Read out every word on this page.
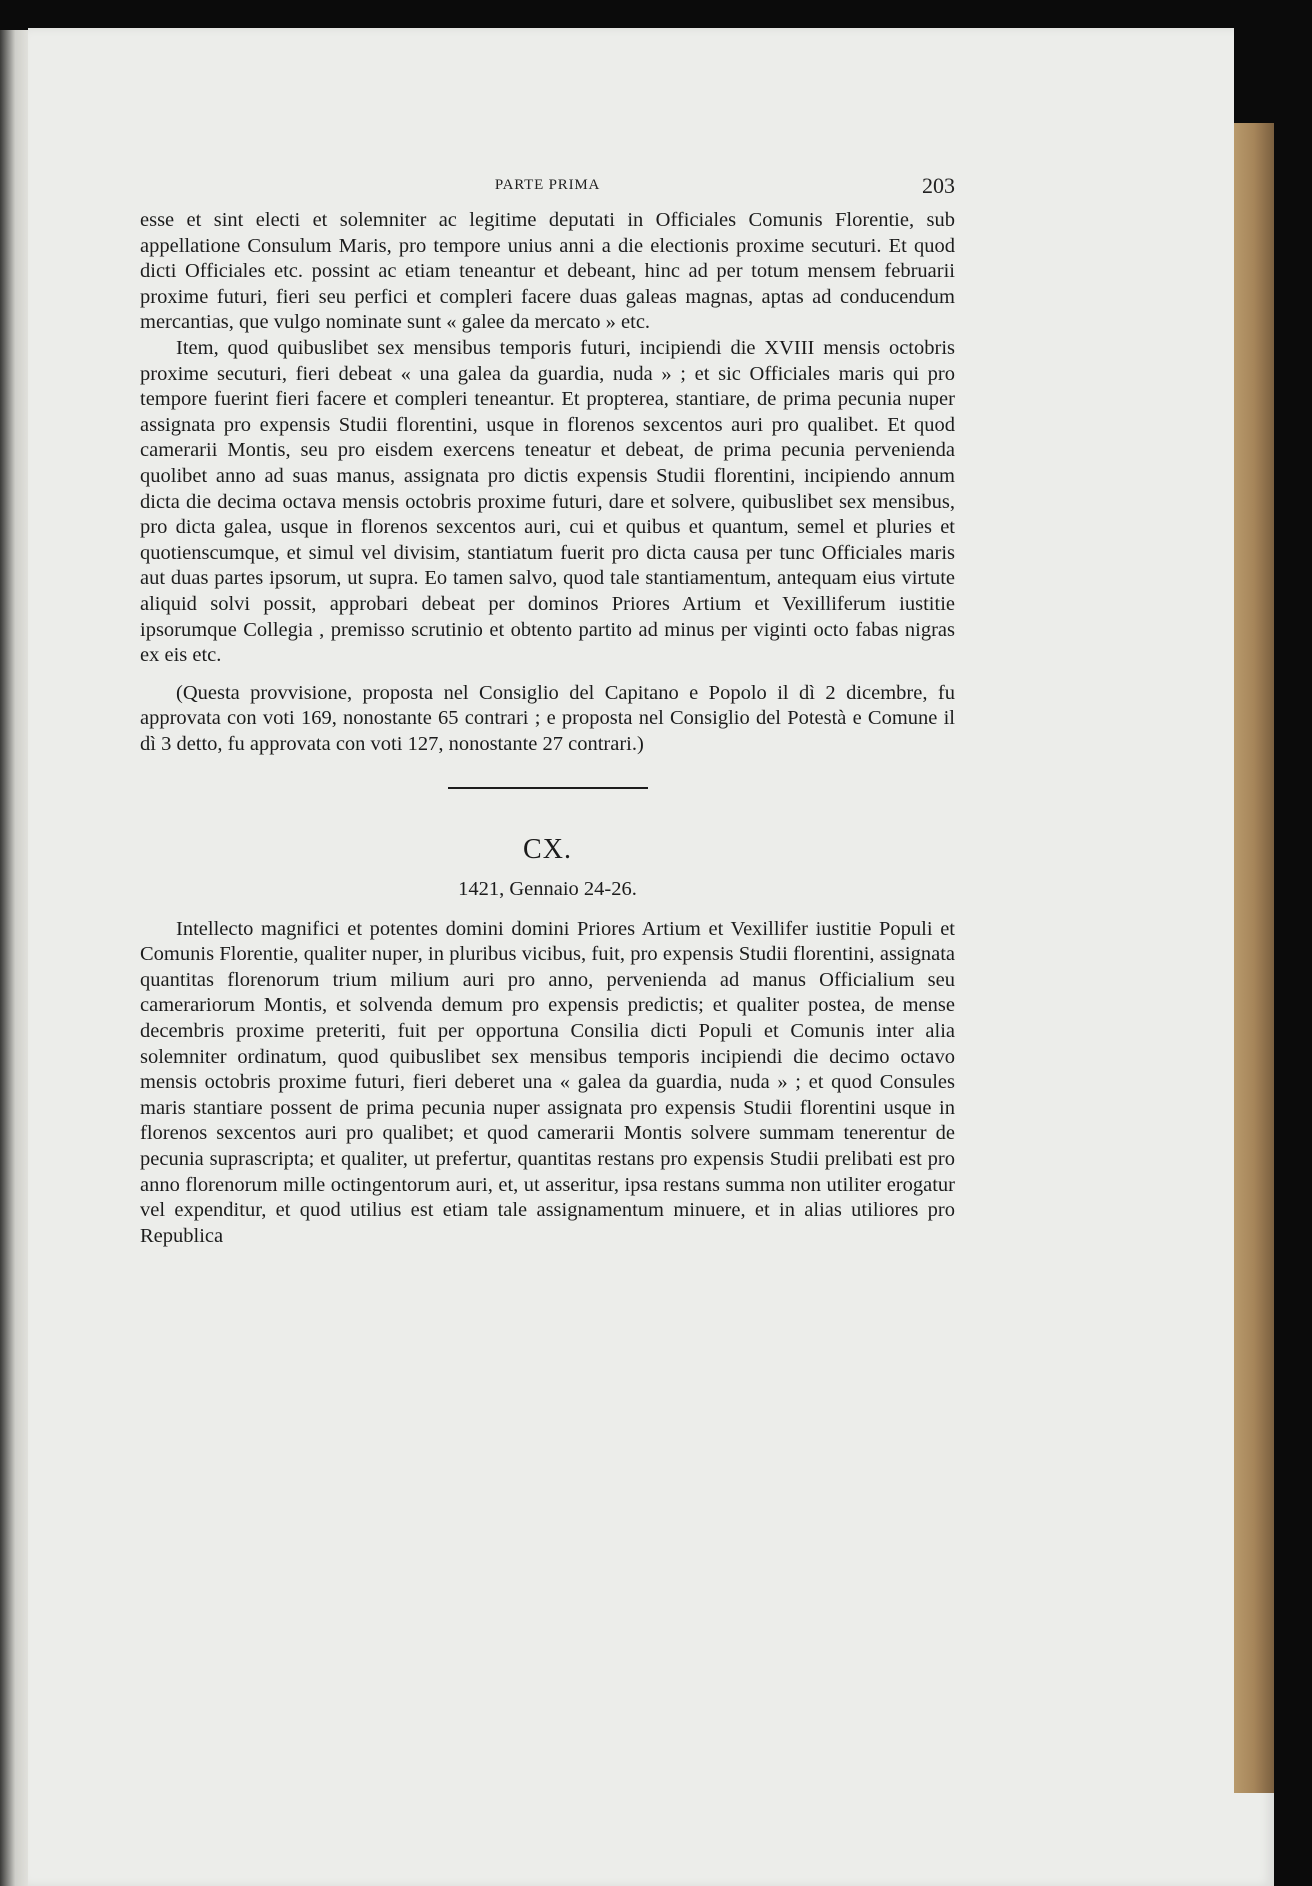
PARTE PRIMA	203

esse et sint electi et solemniter ac legitime deputati in Officiales Comunis Florentie, sub appellatione Consulum Maris, pro tempore unius anni a die electionis proxime secuturi. Et quod dicti Officiales etc. possint ac etiam teneantur et debeant, hinc ad per totum mensem februarii proxime futuri, fieri seu perfici et compleri facere duas galeas magnas, aptas ad conducendum mercantias, que vulgo nominate sunt « galee da mercato » etc.

Item, quod quibuslibet sex mensibus temporis futuri, incipiendi die XVIII mensis octobris proxime secuturi, fieri debeat « una galea da guardia, nuda » ; et sic Officiales maris qui pro tempore fuerint fieri facere et compleri teneantur. Et propterea, stantiare, de prima pecunia nuper assignata pro expensis Studii florentini, usque in florenos sexcentos auri pro qualibet. Et quod camerarii Montis, seu pro eisdem exercens teneatur et debeat, de prima pecunia pervenienda quolibet anno ad suas manus, assignata pro dictis expensis Studii florentini, incipiendo annum dicta die decima octava mensis octobris proxime futuri, dare et solvere, quibuslibet sex mensibus, pro dicta galea, usque in florenos sexcentos auri, cui et quibus et quantum, semel et pluries et quotienscumque, et simul vel divisim, stantiatum fuerit pro dicta causa per tunc Officiales maris aut duas partes ipsorum, ut supra. Eo tamen salvo, quod tale stantiamentum, antequam eius virtute aliquid solvi possit, approbari debeat per dominos Priores Artium et Vexilliferum iustitie ipsorumque Collegia , premisso scrutinio et obtento partito ad minus per viginti octo fabas nigras ex eis etc.

(Questa provvisione, proposta nel Consiglio del Capitano e Popolo il dì 2 dicembre, fu approvata con voti 169, nonostante 65 contrari ; e proposta nel Consiglio del Potestà e Comune il dì 3 detto, fu approvata con voti 127, nonostante 27 contrari.)

CX.

1421, Gennaio 24-26.

Intellecto magnifici et potentes domini domini Priores Artium et Vexillifer iustitie Populi et Comunis Florentie, qualiter nuper, in pluribus vicibus, fuit, pro expensis Studii florentini, assignata quantitas florenorum trium milium auri pro anno, pervenienda ad manus Officialium seu camerariorum Montis, et solvenda demum pro expensis predictis; et qualiter postea, de mense decembris proxime preteriti, fuit per opportuna Consilia dicti Populi et Comunis inter alia solemniter ordinatum, quod quibuslibet sex mensibus temporis incipiendi die decimo octavo mensis octobris proxime futuri, fieri deberet una « galea da guardia, nuda » ; et quod Consules maris stantiare possent de prima pecunia nuper assignata pro expensis Studii florentini usque in florenos sexcentos auri pro qualibet; et quod camerarii Montis solvere summam tenerentur de pecunia suprascripta; et qualiter, ut prefertur, quantitas restans pro expensis Studii prelibati est pro anno florenorum mille octingentorum auri, et, ut asseritur, ipsa restans summa non utiliter erogatur vel expenditur, et quod utilius est etiam tale assignamentum minuere, et in alias utiliores pro Republica
